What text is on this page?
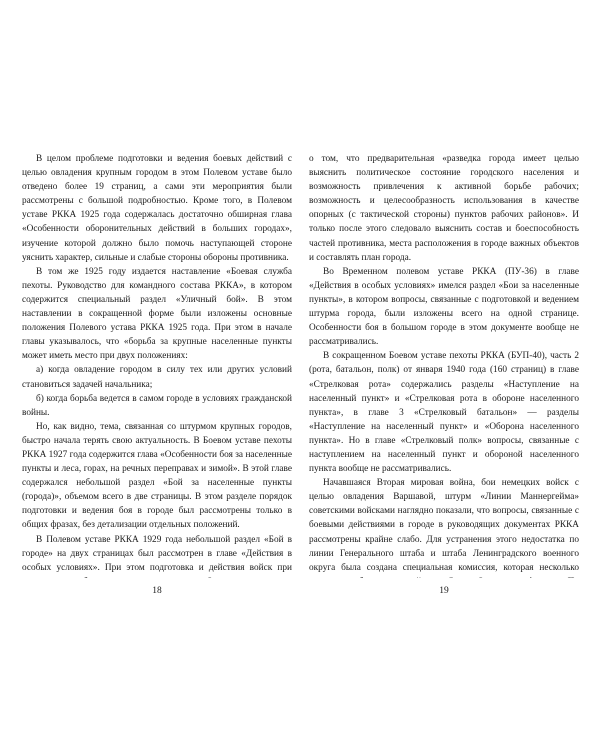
В целом проблеме подготовки и ведения боевых действий с целью овладения крупным городом в этом Полевом уставе было отведено более 19 страниц, а сами эти мероприятия были рассмотрены с большой подробностью. Кроме того, в Полевом уставе РККА 1925 года содержалась достаточно обширная глава «Особенности оборонительных действий в больших городах», изучение которой должно было помочь наступающей стороне уяснить характер, сильные и слабые стороны обороны противника.

В том же 1925 году издается наставление «Боевая служба пехоты. Руководство для командного состава РККА», в котором содержится специальный раздел «Уличный бой». В этом наставлении в сокращенной форме были изложены основные положения Полевого устава РККА 1925 года. При этом в начале главы указывалось, что «борьба за крупные населенные пункты может иметь место при двух положениях:

а) когда овладение городом в силу тех или других условий становиться задачей начальника;

б) когда борьба ведется в самом городе в условиях гражданской войны.

Но, как видно, тема, связанная со штурмом крупных городов, быстро начала терять свою актуальность. В Боевом уставе пехоты РККА 1927 года содержится глава «Особенности боя за населенные пункты и леса, горах, на речных переправах и зимой». В этой главе содержался небольшой раздел «Бой за населенные пункты (города)», объемом всего в две страницы. В этом разделе порядок подготовки и ведения боя в городе был рассмотрены только в общих фразах, без детализации отдельных положений.

В Полевом уставе РККА 1929 года небольшой раздел «Бой в городе» на двух страницах был рассмотрен в главе «Действия в особых условиях». При этом подготовка и действия войск при

18

о том, что предварительная «разведка города имеет целью выяснить политическое состояние городского населения и возможность привлечения к активной борьбе рабочих; возможность и целесообразность использования в качестве опорных (с тактической стороны) пунктов рабочих районов». И только после этого следовало выяснить состав и боеспособность частей противника, места расположения в городе важных объектов и составлять план города.

Во Временном полевом уставе РККА (ПУ-36) в главе «Действия в особых условиях» имелся раздел «Бои за населенные пункты», в котором вопросы, связанные с подготовкой и ведением штурма города, были изложены всего на одной странице. Особенности боя в большом городе в этом документе вообще не рассматривались.

В сокращенном Боевом уставе пехоты РККА (БУП-40), часть 2 (рота, батальон, полк) от января 1940 года (160 страниц) в главе «Стрелковая рота» содержались разделы «Наступление на населенный пункт» и «Стрелковая рота в обороне населенного пункта», в главе 3 «Стрелковый батальон» — разделы «Наступление на населенный пункт» и «Оборона населенного пункта». Но в главе «Стрелковый полк» вопросы, связанные с наступлением на населенный пункт и обороной населенного пункта вообще не рассматривались.

Начавшаяся Вторая мировая война, бои немецких войск с целью овладения Варшавой, штурм «Линии Маннергейма» советскими войсками наглядно показали, что вопросы, связанные с боевыми действиями в городе в руководящих документах РККА рассмотрены крайне слабо. Для устранения этого недостатка по линии Генерального штаба и штаба Ленинградского военного округа была создана специальная комиссия, которая несколько

19
